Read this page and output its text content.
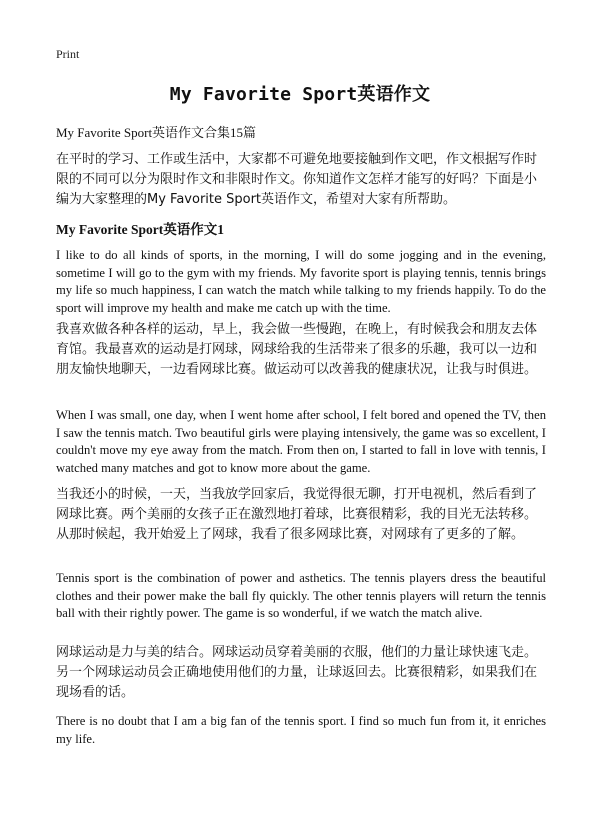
Print
My Favorite Sport英语作文
My Favorite Sport英语作文合集15篇

在平时的学习、工作或生活中，大家都不可避免地要接触到作文吧，作文根据写作时限的不同可以分为限时作文和非限时作文。你知道作文怎样才能写的好吗？下面是小编为大家整理的My Favorite Sport英语作文，希望对大家有所帮助。

My Favorite Sport英语作文1

I like to do all kinds of sports, in the morning, I will do some jogging and in the evening, sometime I will go to the gym with my friends. My favorite sport is playing tennis, tennis brings my life so much happiness, I can watch the match while talking to my friends happily. To do the sport will improve my health and make me catch up with the time.

我喜欢做各种各样的运动，早上，我会做一些慢跑，在晚上，有时候我会和朋友去体育馆。我最喜欢的运动是打网球，网球给我的生活带来了很多的乐趣，我可以一边和朋友愉快地聊天，一边看网球比赛。做运动可以改善我的健康状况，让我与时俱进。

When I was small, one day, when I went home after school, I felt bored and opened the TV, then I saw the tennis match. Two beautiful girls were playing intensively, the game was so excellent, I couldn't move my eye away from the match. From then on, I started to fall in love with tennis, I watched many matches and got to know more about the game.

当我还小的时候，一天，当我放学回家后，我觉得很无聊，打开电视机，然后看到了网球比赛。两个美丽的女孩子正在激烈地打着球，比赛很精彩，我的目光无法转移。从那时候起，我开始爱上了网球，我看了很多网球比赛，对网球有了更多的了解。

Tennis sport is the combination of power and asthetics. The tennis players dress the beautiful clothes and their power make the ball fly quickly. The other tennis players will return the tennis ball with their rightly power. The game is so wonderful, if we watch the match alive.

网球运动是力与美的结合。网球运动员穿着美丽的衣服，他们的力量让球快速飞走。另一个网球运动员会正确地使用他们的力量，让球返回去。比赛很精彩，如果我们在现场看的话。

There is no doubt that I am a big fan of the tennis sport. I find so much fun from it, it enriches my life.
